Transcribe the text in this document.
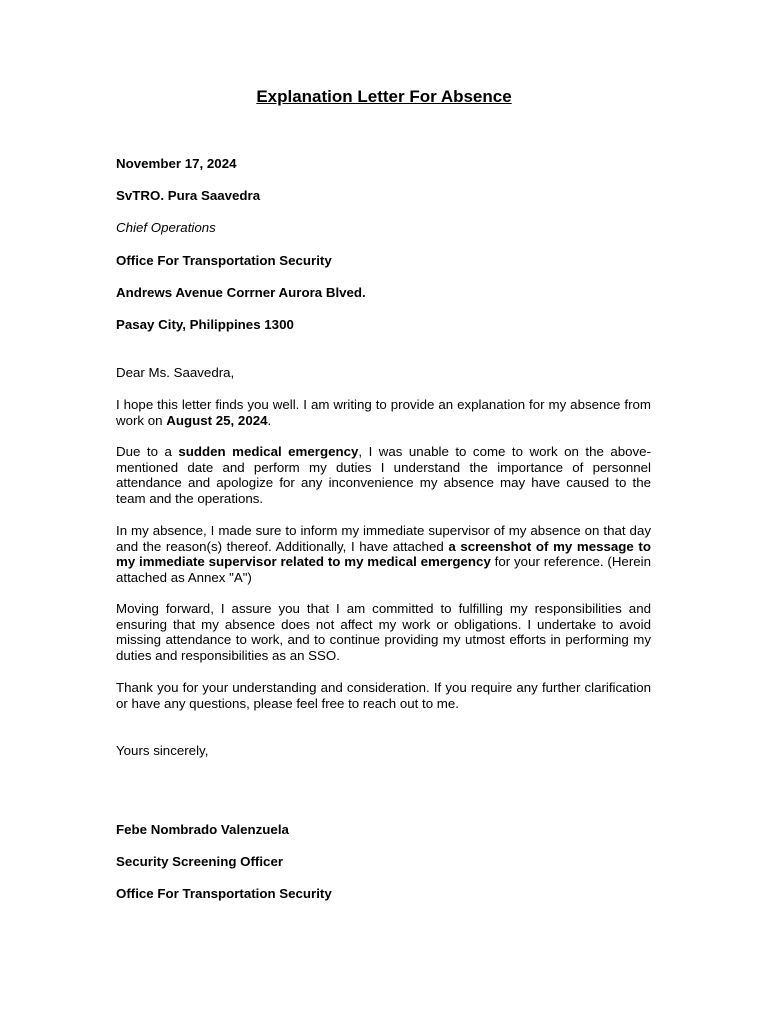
Explanation Letter For Absence
November 17, 2024
SvTRO. Pura Saavedra
Chief Operations
Office For Transportation Security
Andrews Avenue Corrner Aurora Blved.
Pasay City, Philippines 1300
Dear Ms. Saavedra,
I hope this letter finds you well. I am writing to provide an explanation for my absence from work on August 25, 2024.
Due to a sudden medical emergency, I was unable to come to work on the above-mentioned date and perform my duties I understand the importance of personnel attendance and apologize for any inconvenience my absence may have caused to the team and the operations.
In my absence, I made sure to inform my immediate supervisor of my absence on that day and the reason(s) thereof. Additionally, I have attached a screenshot of my message to my immediate supervisor related to my medical emergency for your reference. (Herein attached as Annex "A")
Moving forward, I assure you that I am committed to fulfilling my responsibilities and ensuring that my absence does not affect my work or obligations. I undertake to avoid missing attendance to work, and to continue providing my utmost efforts in performing my duties and responsibilities as an SSO.
Thank you for your understanding and consideration. If you require any further clarification or have any questions, please feel free to reach out to me.
Yours sincerely,
Febe Nombrado Valenzuela
Security Screening Officer
Office For Transportation Security
